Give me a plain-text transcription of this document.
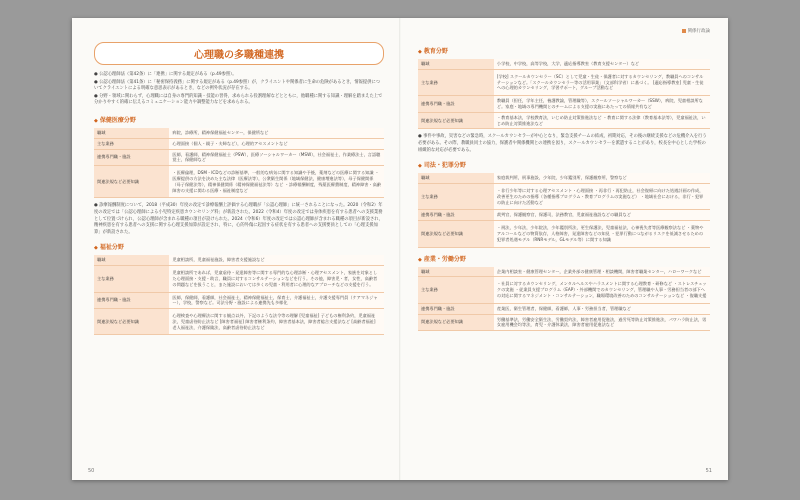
心理職の多職種連携

● 公認心理師法（第42条）に「連携」に関する規定がある（p.49参照）。

● 公認心理師法（第41条）に「秘密保持義務」に関する規定がある（p.49参照）が，クライエントや関係者に生命の危険があるとき，情報提供についてクライエントによる明確な意思表示があるとき，などの例外状況が存在する。

● 分野・領域に関わらず，心理職には自身の専門的知識・技能の習得，求められる役割理解などとともに，他職種に関する知識・理解を踏まえた上で分かりやすく的確に伝えるコミュニケーション能力や調整能力などを求められる。

◆ 保健医療分野
職域	病院，診療所，精神保健福祉センター，保健所など
主な業務	心理面接（個人・親子・夫婦など），心理的アセスメントなど
連携専門職・施設	医師，看護師，精神保健福祉士（PSW），医療ソーシャルワーカー（MSW），社会福祉士，作業療法士，言語聴覚士，保健師など
関連法規など必要知識	・医療倫理，DSM・ICDなどの診断基準，一般的な病気に関する知識や予後，薬剤などの医療に関する知識 ・医療提供の方法を決めた主な法律（医療法等），公衆衛生関係（地域保健法，健康増進法等），母子保健関係（母子保健法等），精神保健関係（精神保健福祉法等）など ・診療報酬制度，残薬医療費制度，精神障害・高齢障害の支援に関わる医療・福祉制度など
● 診療報酬制度について，2018（平成30）年度の改定で診療報酬上評価する心理職が「公認心理師」に統一されることになった。2020（令和2）年度の改定では「公認心理師による小児特定疾患カウンセリング料」が新設された。2022（令和4）年度の改定では身体疾患を有する患者への支援業務として位置づけられ，公認心理師が含まれる職種の項目が設けられた。2024（令和6）年度の改定では公認心理師が含まれる職種の項目が新設され，精神疾患を有する患者への支援に関する心理支援加算が設定され，特に，心的外傷に起因する症状を有する患者への支援要員としての「心理支援加算」が新設された。
◆ 福祉分野
職域	児童相談所，児童福祉施設，障害者支援施設など
主な業務	児童相談所であれば，児童虐待・発達障害等に関する専門的な心理診断・心理アセスメント，家族を対象とした心理面接・支援・助言，職員に対するコンサルテーションなどを行う。その他，障害児・者，女性，高齢者の問題などを扱うこと，また施設においては多くの児童・利用者に心理的なアプローチなどの支援を行う。
連携専門職・施設	医師，保健師，看護師，社会福祉士，精神保健福祉士，保育士，介護福祉士，介護支援専門員（ケアマネジャー），学校，警察など。司法分野・施設による連携先も多様化
関連法規など必要知識	心理検査や心理療法に関する観点以外，下記のような法令等の理解 [児童福祉] 子どもの権利条約，児童福祉法，児童虐待防止法など [障害者福祉] 障害者権利条約，障害者基本法，障害者総合支援法など [高齢者福祉] 老人福祉法，介護保険法，高齢者虐待防止法など
50
関係行政論
◆ 教育分野
職域	小学校，中学校，高等学校，大学，適応指導教室（教育支援センター）など
主な業務	[学校] スクールカウンセラー（SC）として児童・生徒・保護者に対するカウンセリング，教職員へのコンサルテーションなど。「スクールカウンセラー等の活用事業」（文部科学省）に基づく。 [適応指導教室] 児童・生徒への心理的カウンセリング，学習サポート，グループ活動など
連携専門職・施設	教職員（担任，学年主任，養護教諭，管理職等），スクールソーシャルワーカー（SSW），病院，児童相談所など。家庭・地域の専門機関とのチームによる支援の実施にあたっての情報共有など
関連法規など必要知識	・教育基本法，学校教育法，いじめ防止対策推進法など ・教育に関する法律（教育基本法等），児童福祉法，いじめ防止対策推進法など
● 事件や事故，災害などの緊急時，スクールカウンセラーが中心となり，緊急支援チームの結成，初期対応，その後の継続支援などの危機介入を行う必要がある。その際，教職員同士の協力，保護者や関係機関との連携を図り，スクールカウンセラーを派遣することがあり，校長を中心とした学校の組織的な対応が必要である。
◆ 司法・犯罪分野
職域	家庭裁判所，刑事施設，少年院，少年鑑別所，保護観察所，警察など
主な業務	・非行少年等に対する心理アセスメント・心理面接 ・再非行・再犯防止，社会復帰に向けた処遇計画の作成，改善更生のための指導（各種指導プログラム・教育プログラムの実施など） ・地域社会における，非行・犯罪の防止に向けた活動など
連携専門職・施設	裁判官，保護観察官，保護司，法務教官，児童福祉施設などの職員など
関連法規など必要知識	・刑法，少年法，少年院法，少年鑑別所法，更生保護法，児童福祉法，心神喪失者等医療観察法など ・薬物やアルコールなどの物質依存，人格障害，発達障害などの知見 ・犯罪行動につながるリスクを低減させるための犯罪者処遇モデル（RNRモデル，GLモデル等）に関する知識
◆ 産業・労働分野
職域	企業内相談室・健康管理センター，企業外部の健康管理・相談機関，障害者職業センター，ハローワークなど
主な業務	・社員に対するカウンセリング，メンタルヘルスやハラスメントに関する心理教育・研修など ・ストレスチェックの実施 ・従業員支援プログラム（EAP）・外部機関でのカウンセリング，管理職や人事・労務担当者の部下への対応に関するマネジメント・コンサルテーション，職場環境改善のためのコンサルテーションなど ・復職支援
連携専門職・施設	産業医，衛生管理者，保健師，看護師，人事・労務担当者，管理職など
関連法規など必要知識	労働基準法，労働安全衛生法，労働契約法，障害者雇用促進法，過労死等防止対策推進法，パワハラ防止法，男女雇用機会均等法，育児・介護休業法，障害者雇用促進法など
51
